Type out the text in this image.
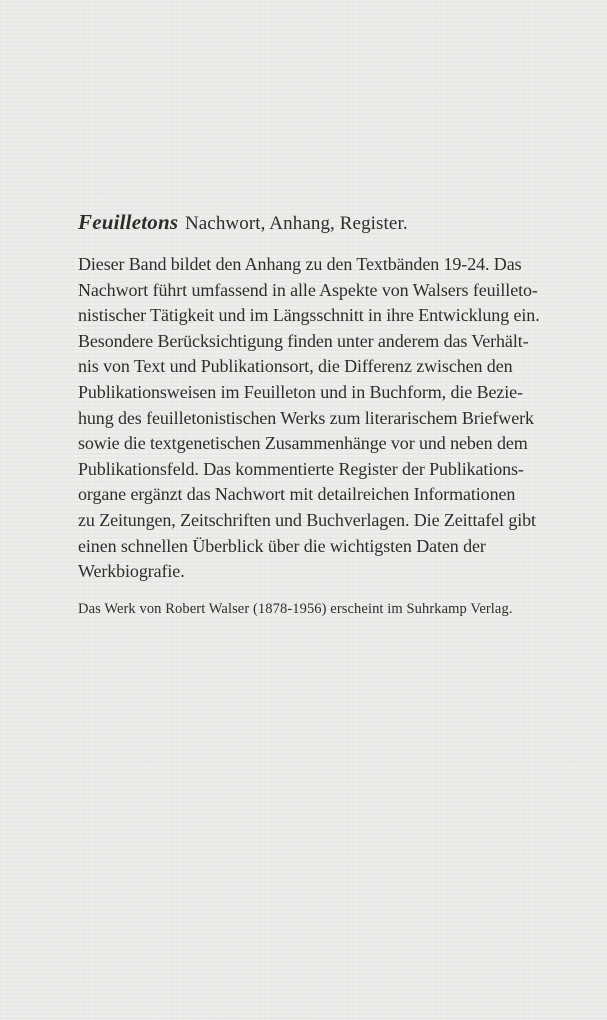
Feuilletons Nachwort, Anhang, Register.

Dieser Band bildet den Anhang zu den Textbänden 19-24. Das
Nachwort führt umfassend in alle Aspekte von Walsers feuilleto-
nistischer Tätigkeit und im Längsschnitt in ihre Entwicklung ein.
Besondere Berücksichtigung finden unter anderem das Verhält-
nis von Text und Publikationsort, die Differenz zwischen den
Publikationsweisen im Feuilleton und in Buchform, die Bezie-
hung des feuilletonistischen Werks zum literarischem Briefwerk
sowie die textgenetischen Zusammenhänge vor und neben dem
Publikationsfeld. Das kommentierte Register der Publikations-
organe ergänzt das Nachwort mit detailreichen Informationen
zu Zeitungen, Zeitschriften und Buchverlagen. Die Zeittafel gibt
einen schnellen Überblick über die wichtigsten Daten der
Werkbiografie.

Das Werk von Robert Walser (1878-1956) erscheint im Suhrkamp Verlag.
